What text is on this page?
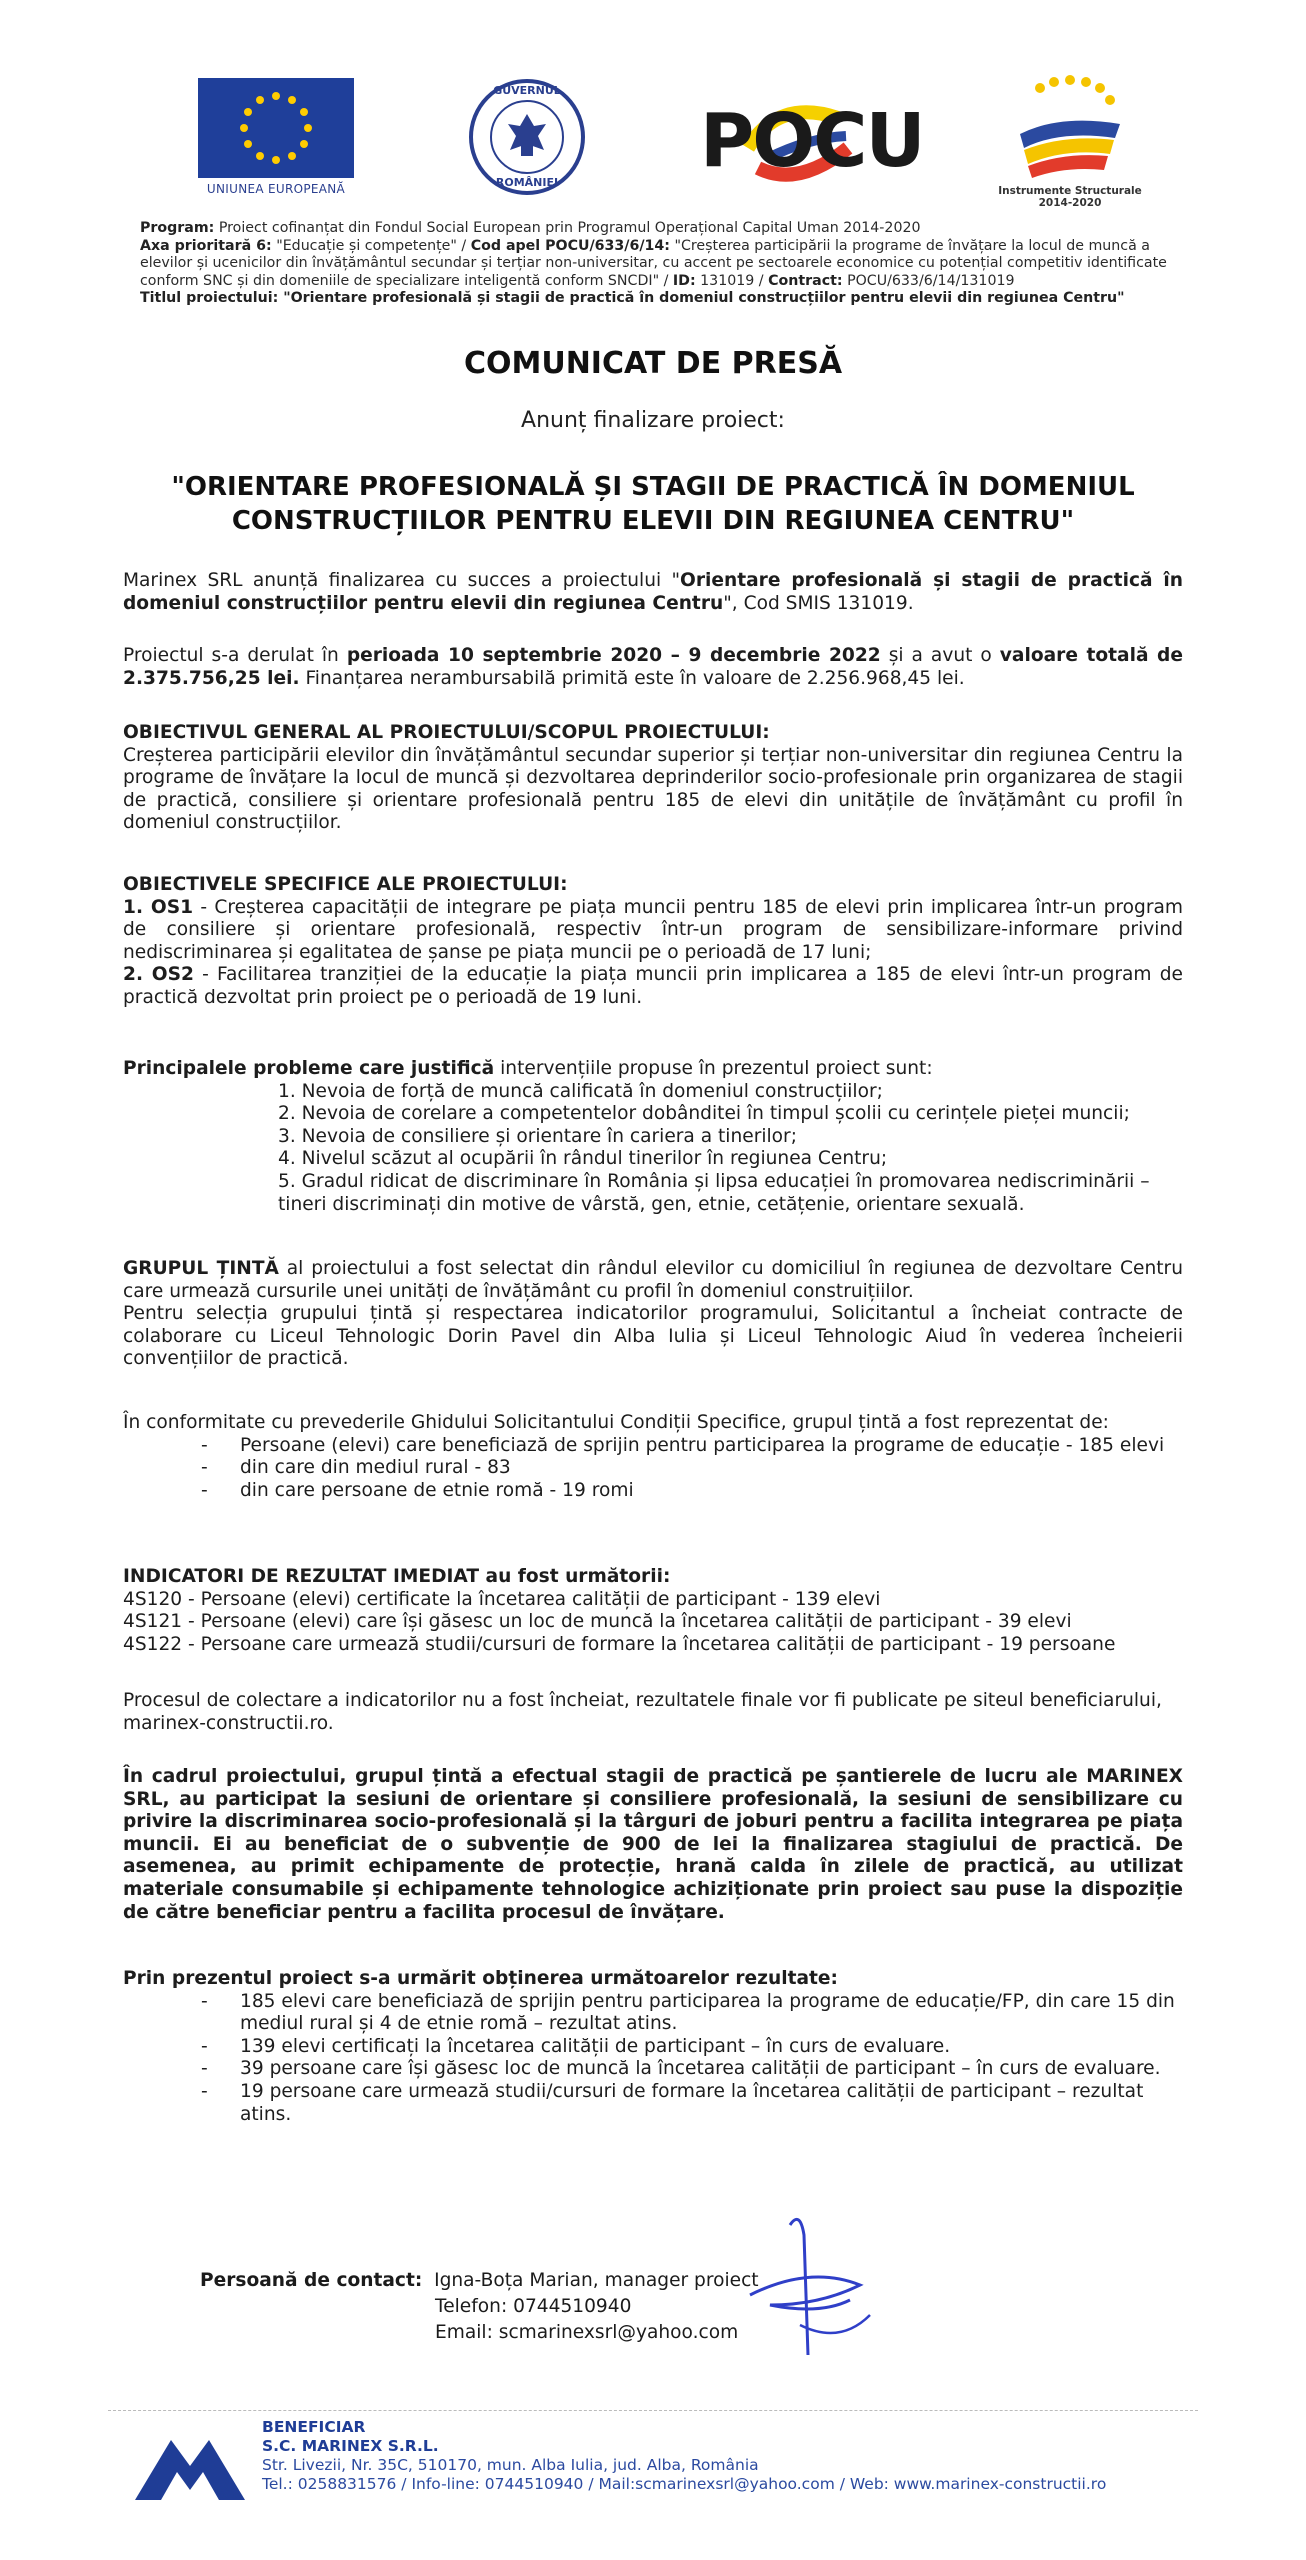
UNIUNEA EUROPEANĂ
GUVERNUL
ROMÂNIEI POCU
Instrumente Structurale
2014-2020
Program: Proiect cofinanțat din Fondul Social European prin Programul Operațional Capital Uman 2014-2020
Axa prioritară 6: "Educație și competențe" / Cod apel POCU/633/6/14: "Creșterea participării la programe de învățare la locul de muncă a elevilor și ucenicilor din învățământul secundar și terțiar non-universitar, cu accent pe sectoarele economice cu potențial competitiv identificate conform SNC și din domeniile de specializare inteligentă conform SNCDI" / ID: 131019 / Contract: POCU/633/6/14/131019
Titlul proiectului: "Orientare profesională și stagii de practică în domeniul construcțiilor pentru elevii din regiunea Centru"
COMUNICAT DE PRESĂ
Anunț finalizare proiect:
"ORIENTARE PROFESIONALĂ ȘI STAGII DE PRACTICĂ ÎN DOMENIUL CONSTRUCȚIILOR PENTRU ELEVII DIN REGIUNEA CENTRU"
Marinex SRL anunță finalizarea cu succes a proiectului "Orientare profesională și stagii de practică în domeniul construcțiilor pentru elevii din regiunea Centru", Cod SMIS 131019.
Proiectul s-a derulat în perioada 10 septembrie 2020 – 9 decembrie 2022 și a avut o valoare totală de 2.375.756,25 lei. Finanțarea nerambursabilă primită este în valoare de 2.256.968,45 lei.
OBIECTIVUL GENERAL AL PROIECTULUI/SCOPUL PROIECTULUI:
Creșterea participării elevilor din învățământul secundar superior și terțiar non-universitar din regiunea Centru la programe de învățare la locul de muncă și dezvoltarea deprinderilor socio-profesionale prin organizarea de stagii de practică, consiliere și orientare profesională pentru 185 de elevi din unitățile de învățământ cu profil în domeniul construcțiilor.
OBIECTIVELE SPECIFICE ALE PROIECTULUI:
1. OS1 - Creșterea capacității de integrare pe piața muncii pentru 185 de elevi prin implicarea într-un program de consiliere și orientare profesională, respectiv într-un program de sensibilizare-informare privind nediscriminarea și egalitatea de șanse pe piața muncii pe o perioadă de 17 luni;
2. OS2 - Facilitarea tranziției de la educație la piața muncii prin implicarea a 185 de elevi într-un program de practică dezvoltat prin proiect pe o perioadă de 19 luni.
Principalele probleme care justifică intervențiile propuse în prezentul proiect sunt:
1. Nevoia de forță de muncă calificată în domeniul construcțiilor;
2. Nevoia de corelare a competentelor dobânditei în timpul școlii cu cerințele pieței muncii;
3. Nevoia de consiliere și orientare în cariera a tinerilor;
4. Nivelul scăzut al ocupării în rândul tinerilor în regiunea Centru;
5. Gradul ridicat de discriminare în România și lipsa educației în promovarea nediscriminării – tineri discriminați din motive de vârstă, gen, etnie, cetățenie, orientare sexuală.
GRUPUL ȚINTĂ al proiectului a fost selectat din rândul elevilor cu domiciliul în regiunea de dezvoltare Centru care urmează cursurile unei unități de învățământ cu profil în domeniul construițiilor.
Pentru selecția grupului țintă și respectarea indicatorilor programului, Solicitantul a încheiat contracte de colaborare cu Liceul Tehnologic Dorin Pavel din Alba Iulia și Liceul Tehnologic Aiud în vederea încheierii convențiilor de practică.
În conformitate cu prevederile Ghidului Solicitantului Condiții Specifice, grupul țintă a fost reprezentat de:
- Persoane (elevi) care beneficiază de sprijin pentru participarea la programe de educație - 185 elevi
- din care din mediul rural - 83
- din care persoane de etnie romă - 19 romi
INDICATORI DE REZULTAT IMEDIAT au fost următorii:
4S120 - Persoane (elevi) certificate la încetarea calității de participant - 139 elevi
4S121 - Persoane (elevi) care își găsesc un loc de muncă la încetarea calității de participant - 39 elevi
4S122 - Persoane care urmează studii/cursuri de formare la încetarea calității de participant - 19 persoane
Procesul de colectare a indicatorilor nu a fost încheiat, rezultatele finale vor fi publicate pe siteul beneficiarului, marinex-constructii.ro.
În cadrul proiectului, grupul țintă a efectual stagii de practică pe șantierele de lucru ale MARINEX SRL, au participat la sesiuni de orientare și consiliere profesională, la sesiuni de sensibilizare cu privire la discriminarea socio-profesională și la târguri de joburi pentru a facilita integrarea pe piața muncii. Ei au beneficiat de o subvenție de 900 de lei la finalizarea stagiului de practică. De asemenea, au primit echipamente de protecție, hrană calda în zilele de practică, au utilizat materiale consumabile și echipamente tehnologice achiziționate prin proiect sau puse la dispoziție de către beneficiar pentru a facilita procesul de învățare.
Prin prezentul proiect s-a urmărit obținerea următoarelor rezultate:
- 185 elevi care beneficiază de sprijin pentru participarea la programe de educație/FP, din care 15 din mediul rural și 4 de etnie romă – rezultat atins.
- 139 elevi certificați la încetarea calității de participant – în curs de evaluare.
- 39 persoane care își găsesc loc de muncă la încetarea calității de participant – în curs de evaluare.
- 19 persoane care urmează studii/cursuri de formare la încetarea calității de participant – rezultat atins.
Persoană de contact: Igna-Boța Marian, manager proiect
Telefon: 0744510940
Email: scmarinexsrl@yahoo.com
BENEFICIAR
S.C. MARINEX S.R.L.
Str. Livezii, Nr. 35C, 510170, mun. Alba Iulia, jud. Alba, România
Tel.: 0258831576 / Info-line: 0744510940 / Mail:scmarinexsrl@yahoo.com / Web: www.marinex-constructii.ro
